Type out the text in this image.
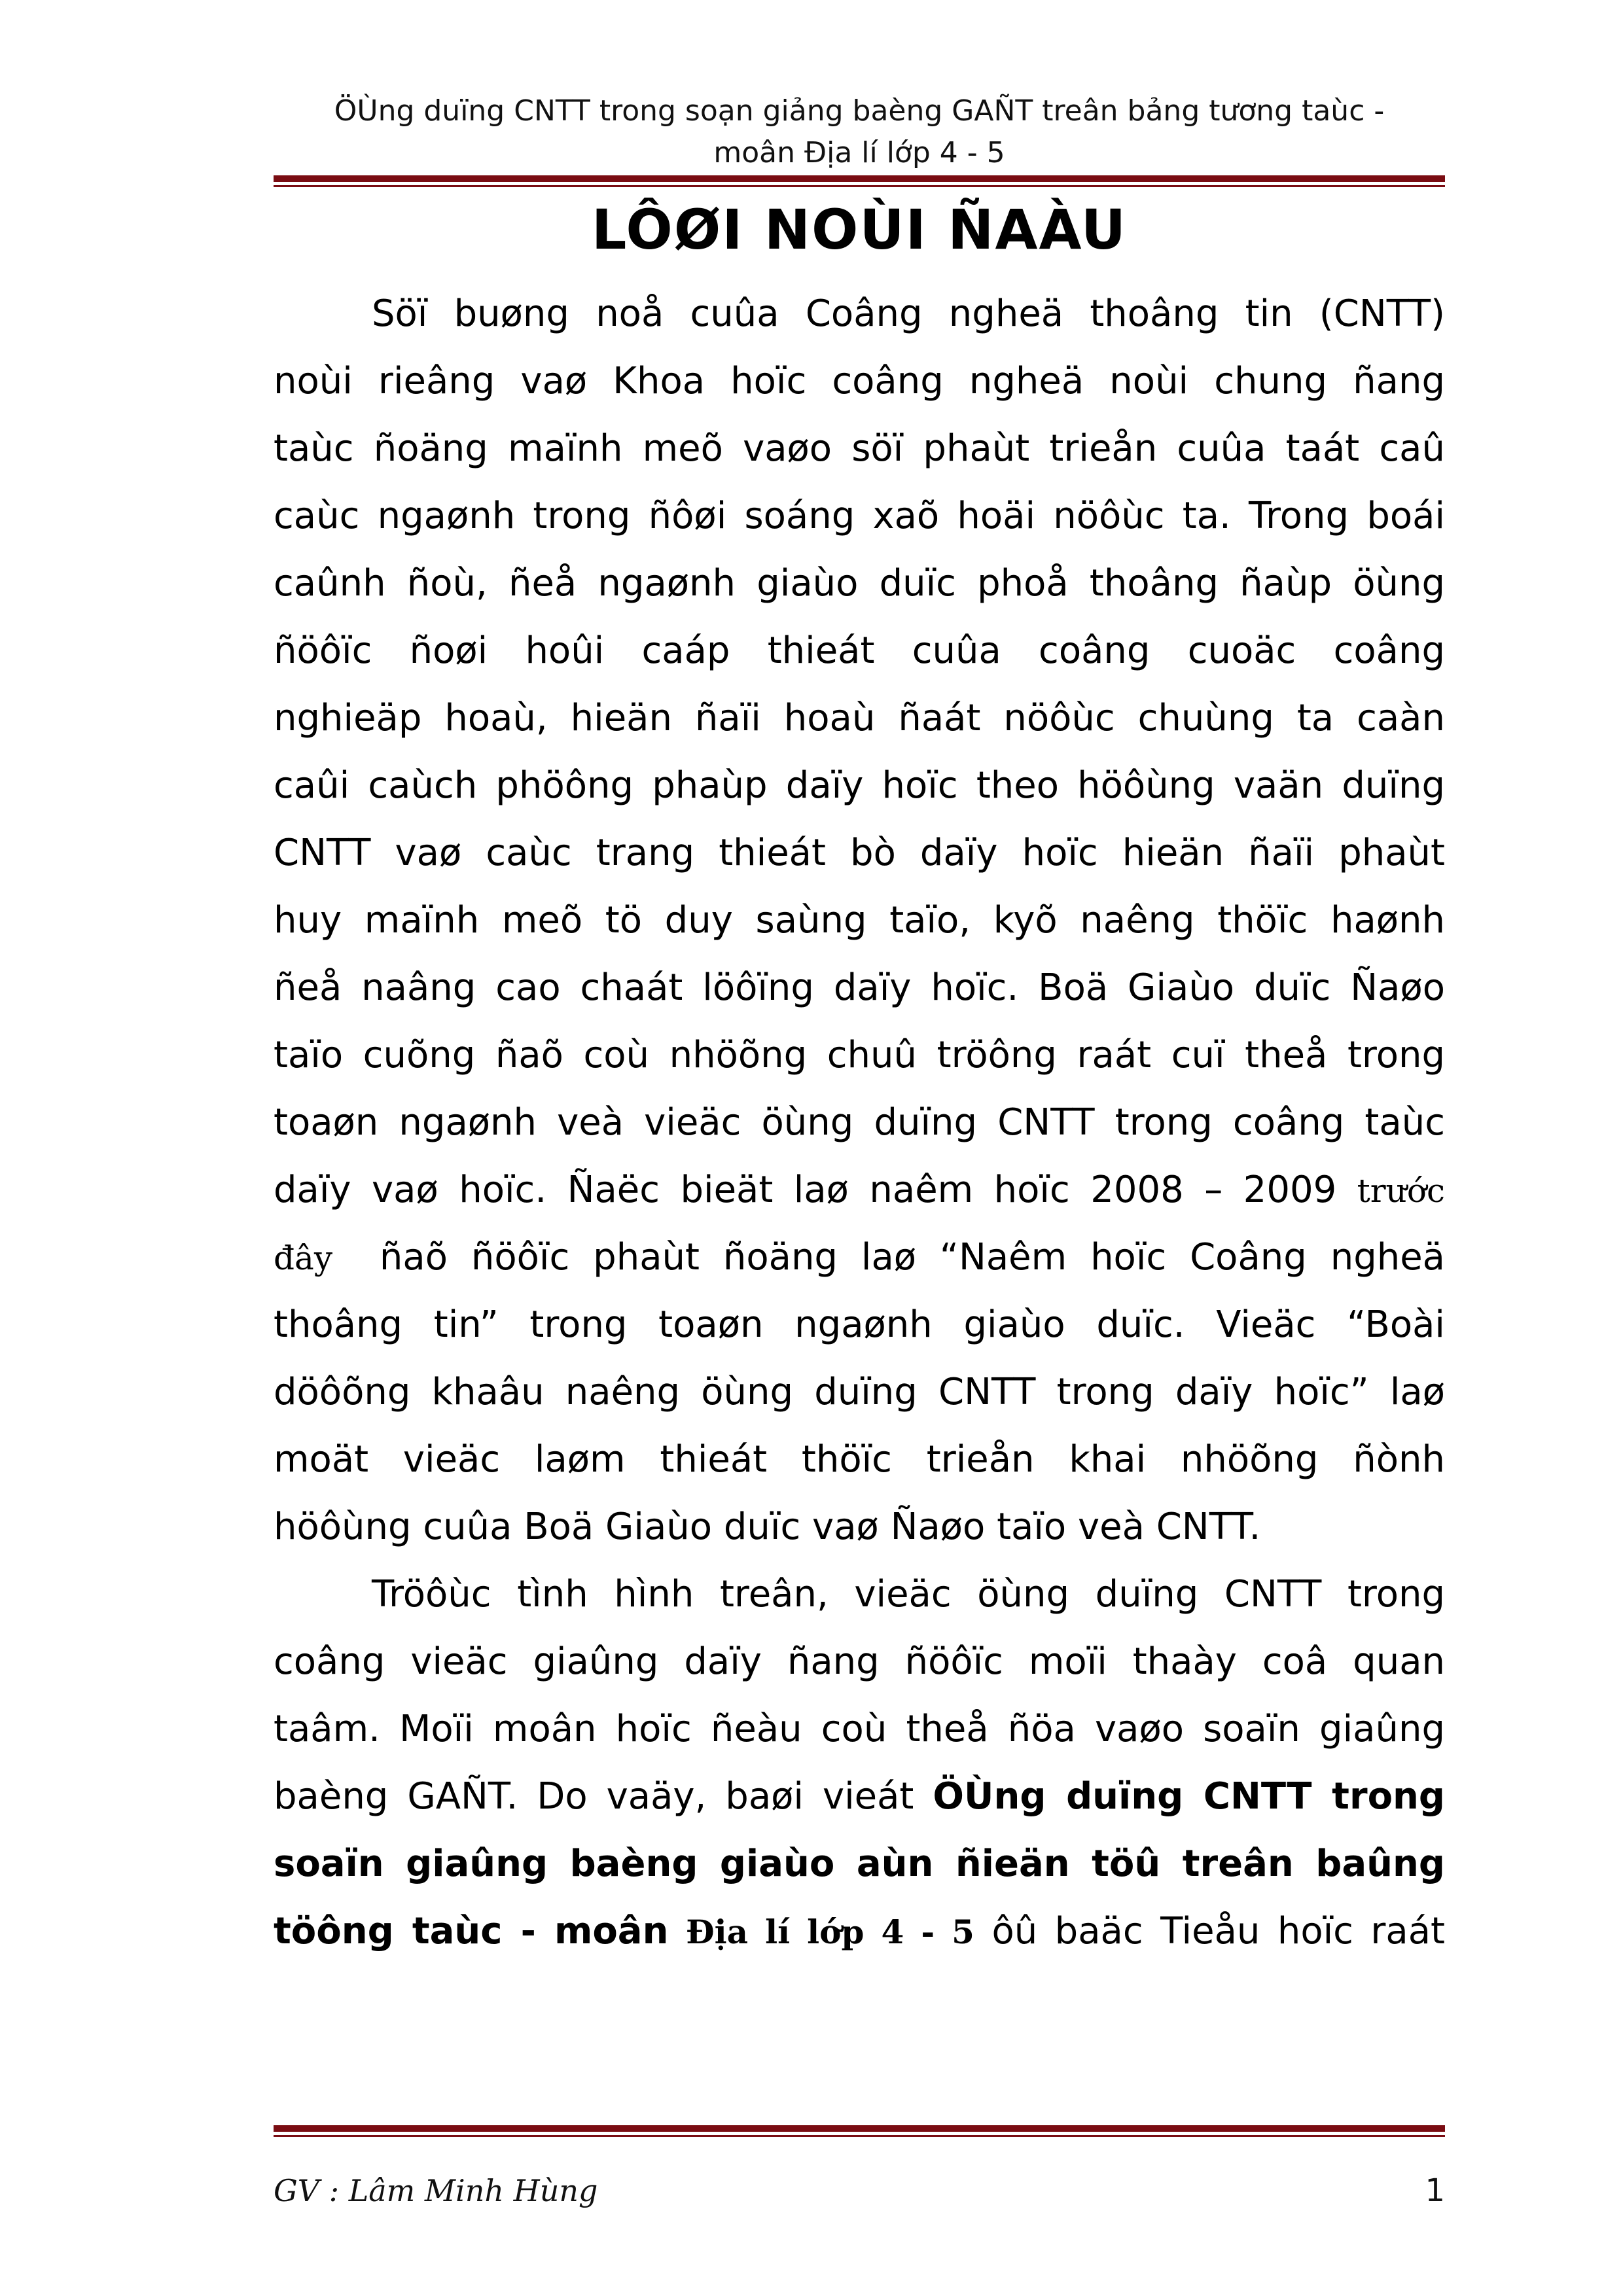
ÖÙng duïng CNTT trong soạn giảng baèng GAÑT treân bảng tương taùc -
moân Địa lí lớp 4 - 5
LÔØI NOÙI ÑAÀU
Söï buøng noå cuûa Coâng ngheä thoâng tin (CNTT)
noùi rieâng vaø Khoa hoïc coâng ngheä noùi chung ñang
taùc ñoäng maïnh meõ vaøo söï phaùt trieån cuûa taát caû
caùc ngaønh trong ñôøi soáng xaõ hoäi nöôùc ta. Trong boái
caûnh ñoù, ñeå ngaønh giaùo duïc phoå thoâng ñaùp öùng
ñöôïc ñoøi hoûi caáp thieát cuûa coâng cuoäc coâng
nghieäp hoaù, hieän ñaïi hoaù ñaát nöôùc chuùng ta caàn
caûi caùch phöông phaùp daïy hoïc theo höôùng vaän duïng
CNTT vaø caùc trang thieát bò daïy hoïc hieän ñaïi phaùt
huy maïnh meõ tö duy saùng taïo, kyõ naêng thöïc haønh
ñeå naâng cao chaát löôïng daïy hoïc. Boä Giaùo duïc Ñaøo
taïo cuõng ñaõ coù nhöõng chuû tröông raát cuï theå trong
toaøn ngaønh veà vieäc öùng duïng CNTT trong coâng taùc
daïy vaø hoïc. Ñaëc bieät laø naêm hoïc 2008 – 2009 trước
đây ñaõ ñöôïc phaùt ñoäng laø “Naêm hoïc Coâng ngheä
thoâng tin” trong toaøn ngaønh giaùo duïc. Vieäc “Boài
döôõng khaâu naêng öùng duïng CNTT trong daïy hoïc” laø
moät vieäc laøm thieát thöïc trieån khai nhöõng ñònh
höôùng cuûa Boä Giaùo duïc vaø Ñaøo taïo veà CNTT.
Tröôùc tình hình treân, vieäc öùng duïng CNTT trong
coâng vieäc giaûng daïy ñang ñöôïc moïi thaày coâ quan
taâm. Moïi moân hoïc ñeàu coù theå ñöa vaøo soaïn giaûng
baèng GAÑT. Do vaäy, baøi vieát ÖÙng duïng CNTT trong
soaïn giaûng baèng giaùo aùn ñieän töû treân baûng
töông taùc - moân Địa lí lớp 4 - 5 ôû baäc Tieåu hoïc raát
GV : Lâm Minh Hùng	1
